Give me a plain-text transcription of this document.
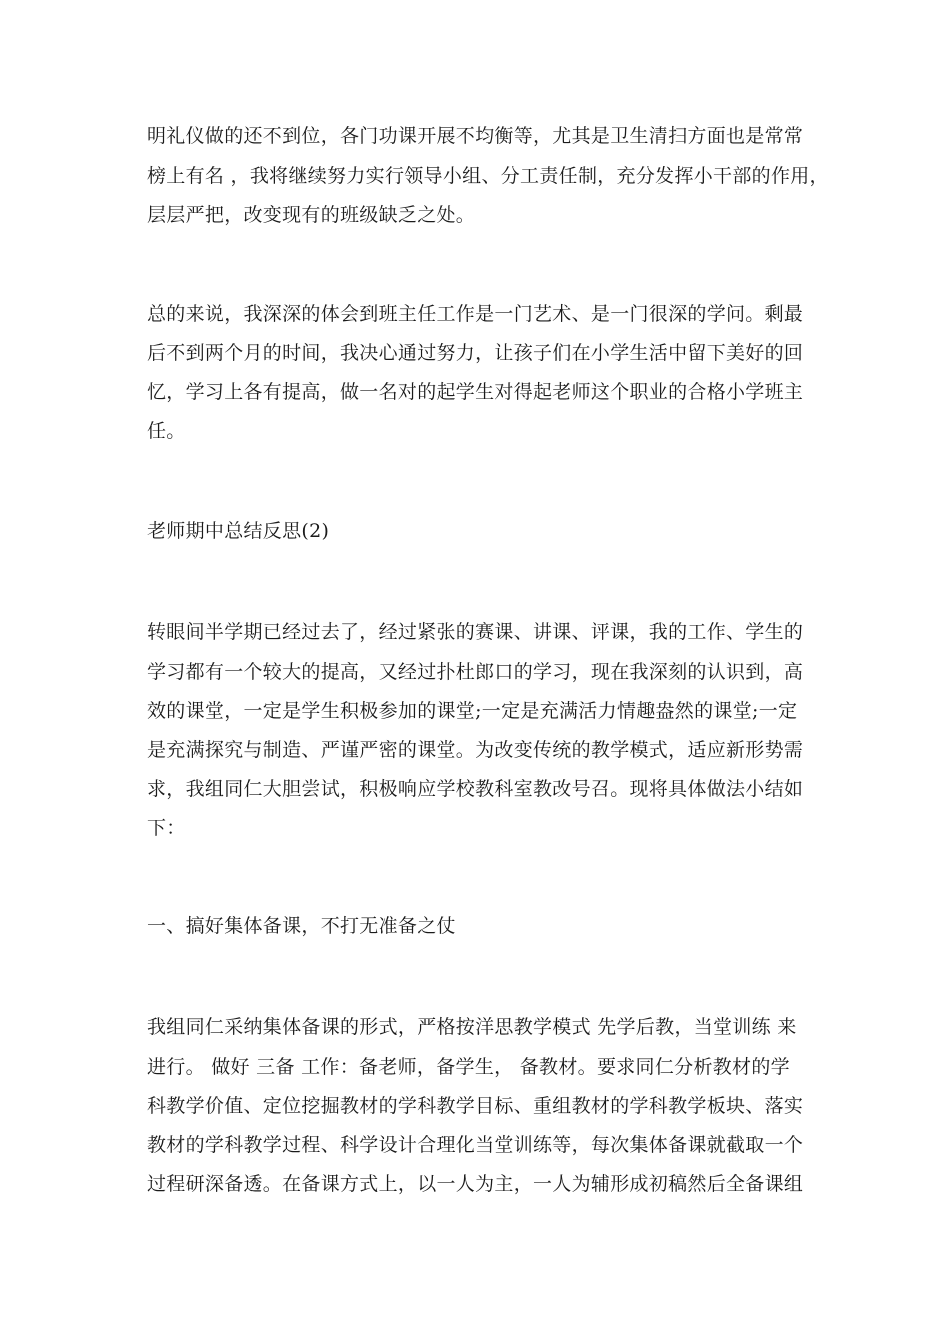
明礼仪做的还不到位，各门功课开展不均衡等，尤其是卫生清扫方面也是常常
榜上有名 ，我将继续努力实行领导小组、分工责任制，充分发挥小干部的作用，
层层严把，改变现有的班级缺乏之处。
总的来说，我深深的体会到班主任工作是一门艺术、是一门很深的学问。剩最
后不到两个月的时间，我决心通过努力，让孩子们在小学生活中留下美好的回
忆，学习上各有提高，做一名对的起学生对得起老师这个职业的合格小学班主
任。
老师期中总结反思(2)
转眼间半学期已经过去了，经过紧张的赛课、讲课、评课，我的工作、学生的
学习都有一个较大的提高，又经过扑杜郎口的学习，现在我深刻的认识到，高
效的课堂，一定是学生积极参加的课堂;一定是充满活力情趣盎然的课堂;一定
是充满探究与制造、严谨严密的课堂。为改变传统的教学模式，适应新形势需
求，我组同仁大胆尝试，积极响应学校教科室教改号召。现将具体做法小结如
下：
一、搞好集体备课，不打无准备之仗
我组同仁采纳集体备课的形式，严格按洋思教学模式 先学后教，当堂训练 来
进行。 做好 三备 工作：备老师，备学生， 备教材。要求同仁分析教材的学
科教学价值、定位挖掘教材的学科教学目标、重组教材的学科教学板块、落实
教材的学科教学过程、科学设计合理化当堂训练等，每次集体备课就截取一个
过程研深备透。在备课方式上，以一人为主，一人为辅形成初稿然后全备课组
